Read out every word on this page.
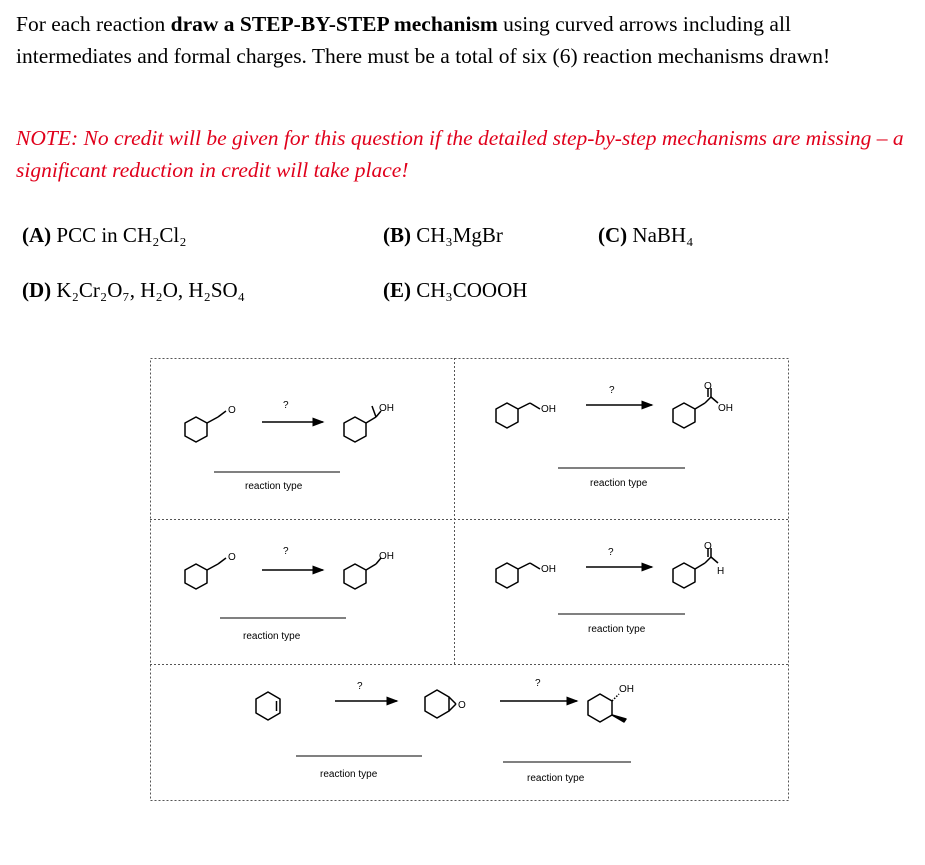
For each reaction draw a STEP-BY-STEP mechanism using curved arrows including all intermediates and formal charges. There must be a total of six (6) reaction mechanisms drawn!
NOTE: No credit will be given for this question if the detailed step-by-step mechanisms are missing – a significant reduction in credit will take place!
(A) PCC in CH₂Cl₂	(B) CH₃MgBr	(C) NaBH₄
(D) K₂Cr₂O₇, H₂O, H₂SO₄	(E) CH₃COOOH
O	?
reaction type
OH	OH
?
reaction type
O
OH
O
?
reaction type
OH
OH
?
reaction type
O
H
?
reaction type
O
?
reaction type
OH
